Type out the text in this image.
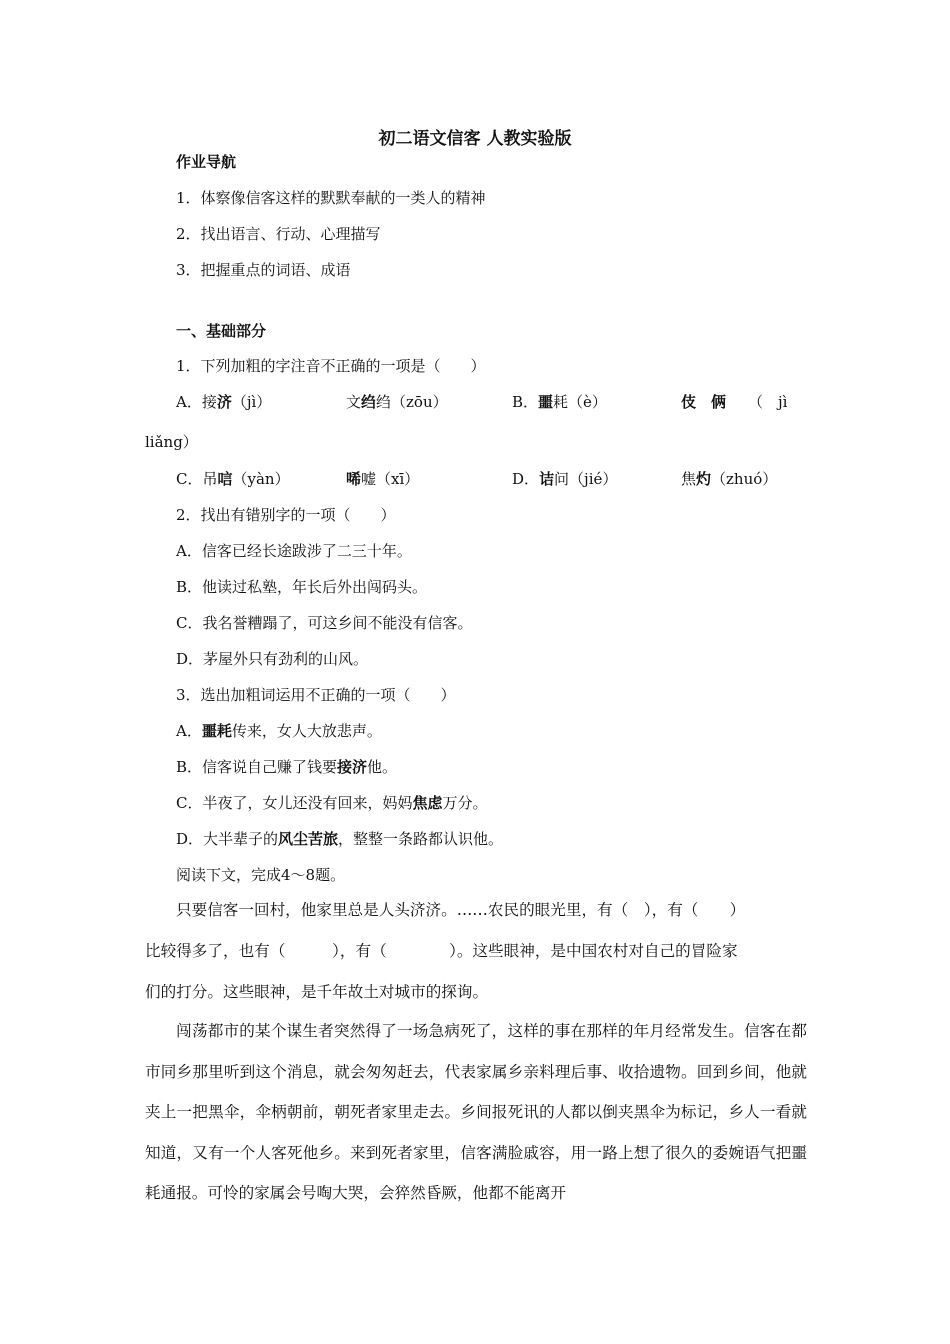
初二语文信客 人教实验版
作业导航
1．体察像信客这样的默默奉献的一类人的精神
2．找出语言、行动、心理描写
3．把握重点的词语、成语
一、基础部分
1．下列加粗的字注音不正确的一项是（　　）
A．接济（jì）	文绉绉（zōu）	B．噩耗（è）	伎　俩 （　jì
liǎng）
C．吊唁（yàn）	唏嘘（xī）	D．诘问（jié）	焦灼（zhuó）
2．找出有错别字的一项（　　）
A．信客已经长途跋涉了二三十年。
B．他读过私塾，年长后外出闯码头。
C．我名誉糟蹋了，可这乡间不能没有信客。
D．茅屋外只有劲利的山风。
3．选出加粗词运用不正确的一项（　　）
A．噩耗传来，女人大放悲声。
B．信客说自己赚了钱要接济他。
C．半夜了，女儿还没有回来，妈妈焦虑万分。
D．大半辈子的风尘苦旅，整整一条路都认识他。
阅读下文，完成4～8题。
只要信客一回村，他家里总是人头济济。……农民的眼光里，有（　），有（　　）
比较得多了，也有（　　　），有（　　　　）。这些眼神，是中国农村对自己的冒险家
们的打分。这些眼神，是千年故土对城市的探询。
闯荡都市的某个谋生者突然得了一场急病死了，这样的事在那样的年月经常发生。信客在都市同乡那里听到这个消息，就会匆匆赶去，代表家属乡亲料理后事、收拾遗物。回到乡间，他就夹上一把黑伞，伞柄朝前，朝死者家里走去。乡间报死讯的人都以倒夹黑伞为标记，乡人一看就知道，又有一个人客死他乡。来到死者家里，信客满脸戚容，用一路上想了很久的委婉语气把噩耗通报。可怜的家属会号啕大哭，会猝然昏厥，他都不能离开
